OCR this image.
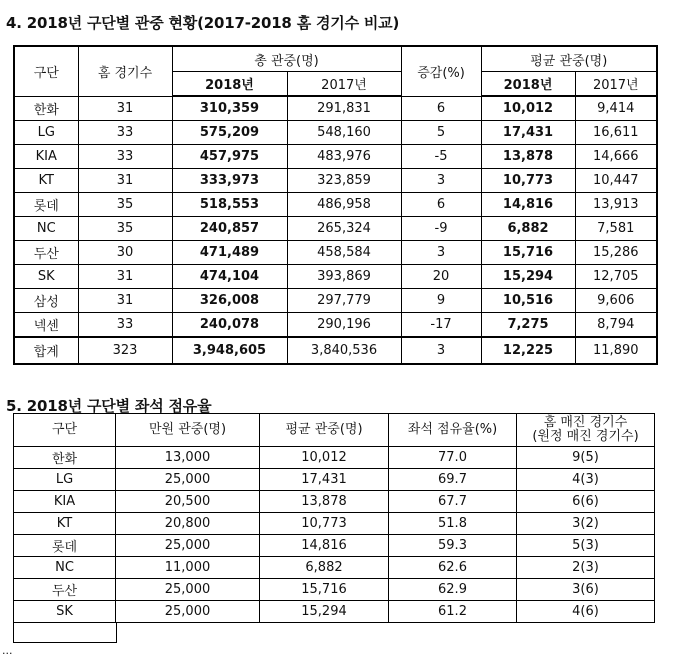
4. 2018년 구단별 관중 현황(2017-2018 홈 경기수 비교)
구단	홈 경기수	총 관중(명)		증감(%)	평균 관중(명)	
		2018년	2017년		2018년	2017년
한화	31	310,359	291,831	6	10,012	9,414
LG	33	575,209	548,160	5	17,431	16,611
KIA	33	457,975	483,976	-5	13,878	14,666
KT	31	333,973	323,859	3	10,773	10,447
롯데	35	518,553	486,958	6	14,816	13,913
NC	35	240,857	265,324	-9	6,882	7,581
두산	30	471,489	458,584	3	15,716	15,286
SK	31	474,104	393,869	20	15,294	12,705
삼성	31	326,008	297,779	9	10,516	9,606
넥센	33	240,078	290,196	-17	7,275	8,794
합계	323	3,948,605	3,840,536	3	12,225	11,890
5. 2018년 구단별 좌석 점유율
구단	만원 관중(명)	평균 관중(명)	좌석 점유율(%)	홈 매진 경기수
(원정 매진 경기수)

한화	13,000	10,012	77.0	9(5)
LG	25,000	17,431	69.7	4(3)
KIA	20,500	13,878	67.7	6(6)
KT	20,800	10,773	51.8	3(2)
롯데	25,000	14,816	59.3	5(3)
NC	11,000	6,882	62.6	2(3)
두산	25,000	15,716	62.9	3(6)
SK	25,000	15,294	61.2	4(6)
...
